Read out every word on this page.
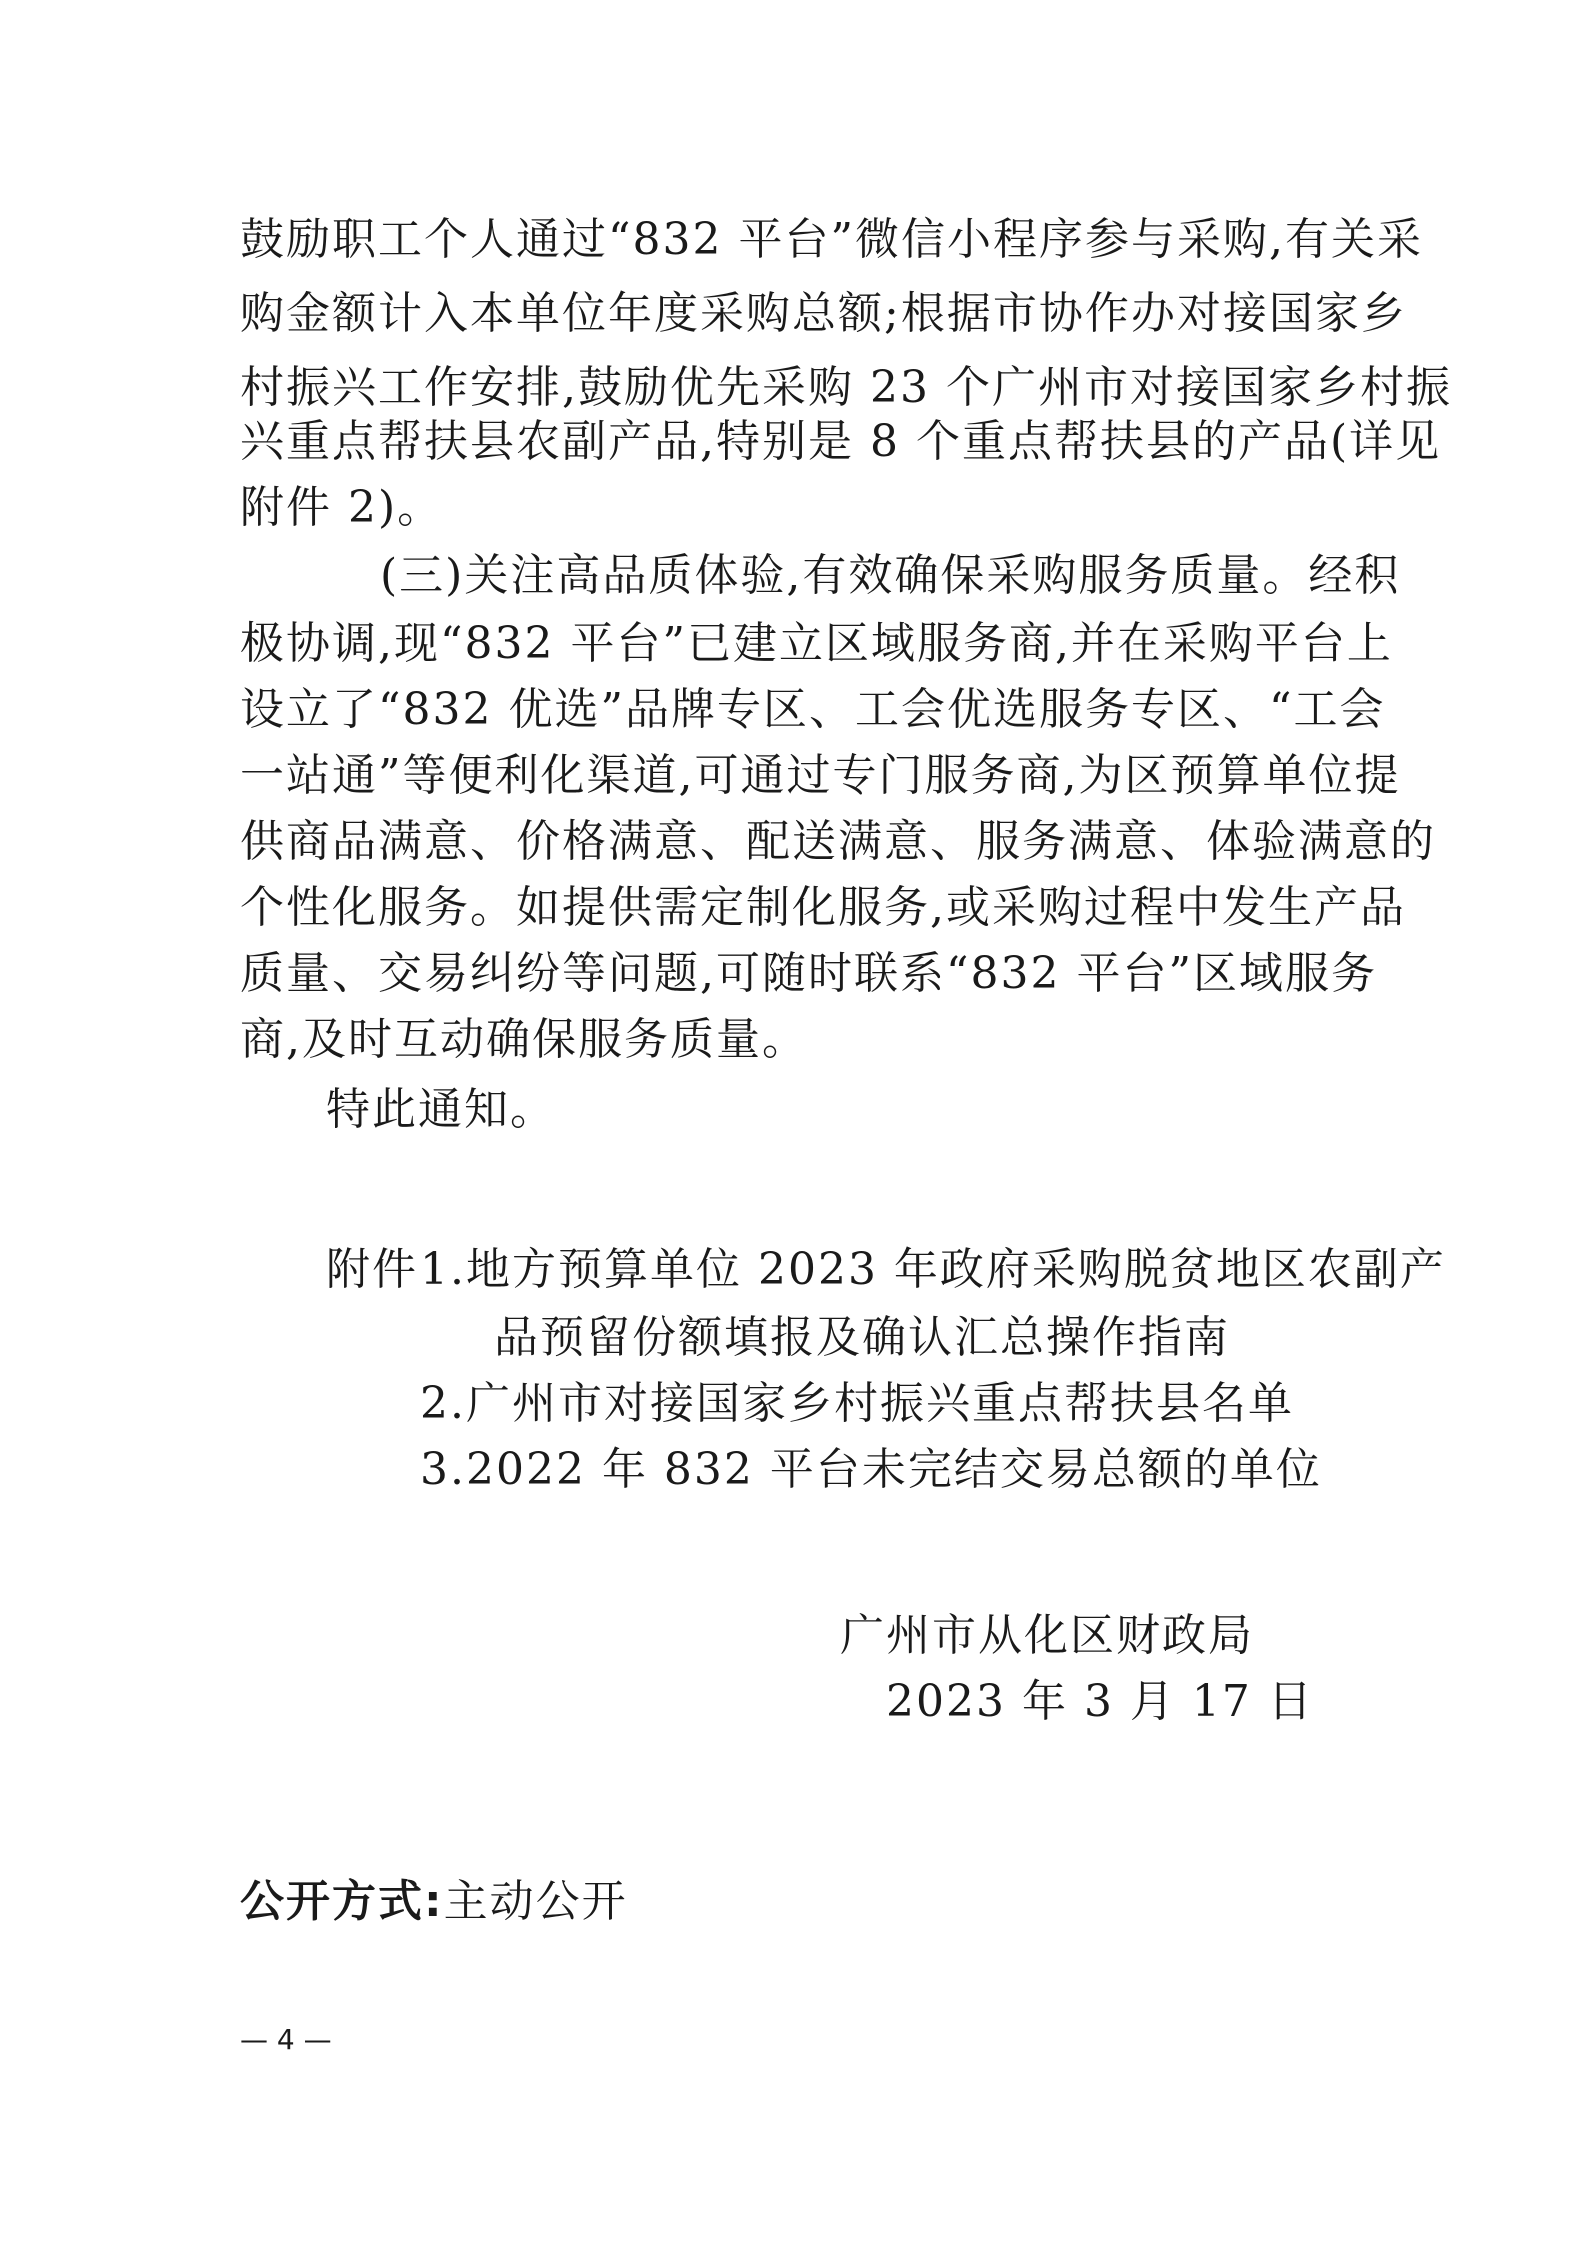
鼓励职工个人通过“832 平台”微信小程序参与采购,有关采
购金额计入本单位年度采购总额;根据市协作办对接国家乡
村振兴工作安排,鼓励优先采购 23 个广州市对接国家乡村振
兴重点帮扶县农副产品,特别是 8 个重点帮扶县的产品(详见
附件 2)。
(三)关注高品质体验,有效确保采购服务质量。经积
极协调,现“832 平台”已建立区域服务商,并在采购平台上
设立了“832 优选”品牌专区、工会优选服务专区、“工会
一站通”等便利化渠道,可通过专门服务商,为区预算单位提
供商品满意、价格满意、配送满意、服务满意、体验满意的
个性化服务。如提供需定制化服务,或采购过程中发生产品
质量、交易纠纷等问题,可随时联系“832 平台”区域服务
商,及时互动确保服务质量。
特此通知。
附件 1.地方预算单位 2023 年政府采购脱贫地区农副产
品预留份额填报及确认汇总操作指南
2.广州市对接国家乡村振兴重点帮扶县名单
3.2022 年 832 平台未完结交易总额的单位
广州市从化区财政局
2023 年 3 月 17 日
公开方式:主动公开
— 4 —
